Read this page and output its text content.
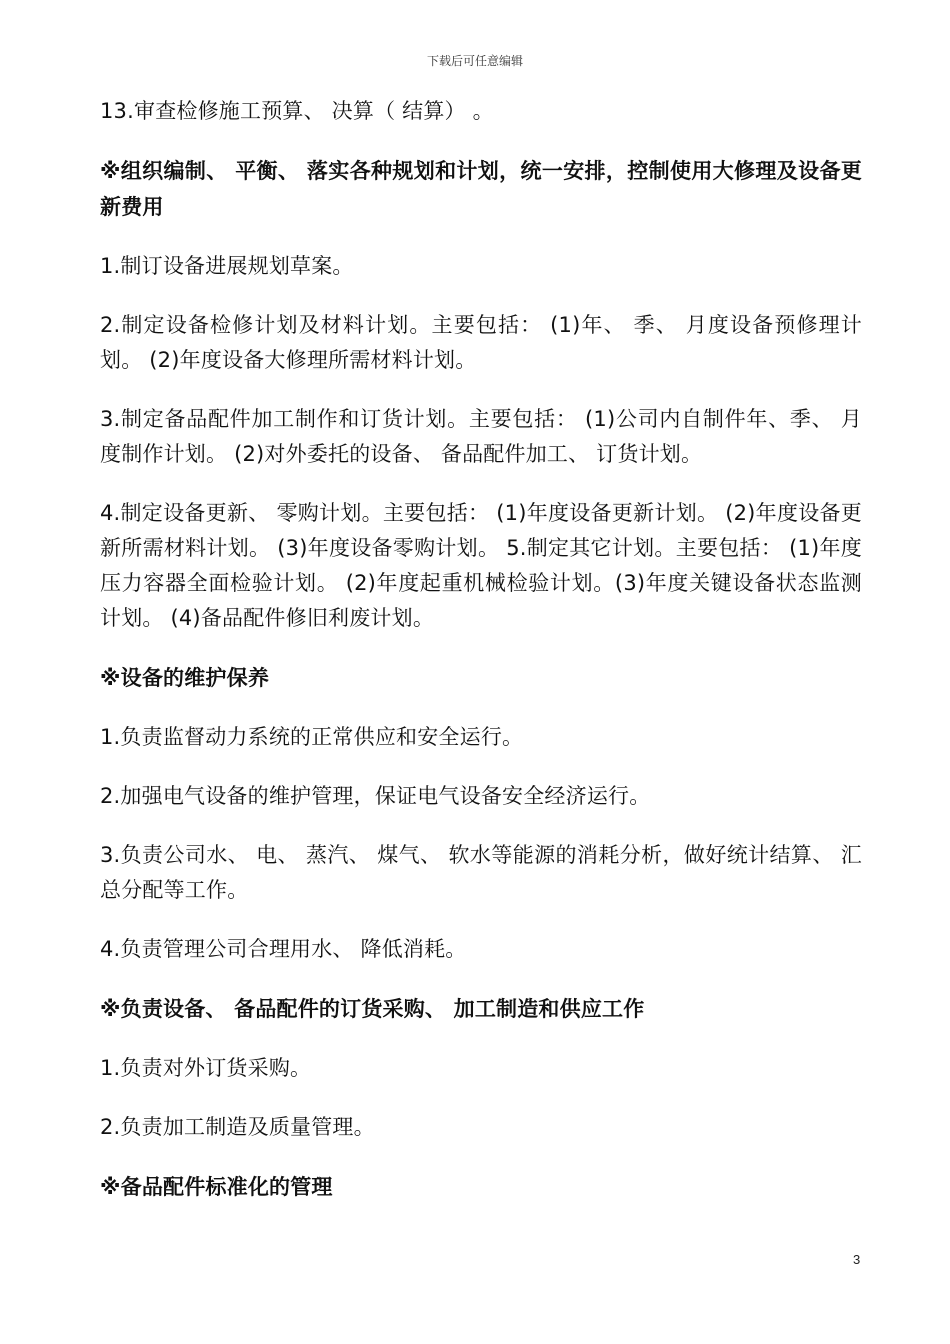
下载后可任意编辑
13.审查检修施工预算、 决算（ 结算） 。
※组织编制、 平衡、 落实各种规划和计划，统一安排，控制使用大修理及设备更新费用
1.制订设备进展规划草案。
2.制定设备检修计划及材料计划。主要包括： (1)年、 季、 月度设备预修理计划。 (2)年度设备大修理所需材料计划。
3.制定备品配件加工制作和订货计划。主要包括： (1)公司内自制件年、季、 月度制作计划。 (2)对外委托的设备、 备品配件加工、 订货计划。
4.制定设备更新、 零购计划。主要包括： (1)年度设备更新计划。 (2)年度设备更新所需材料计划。 (3)年度设备零购计划。 5.制定其它计划。主要包括： (1)年度压力容器全面检验计划。 (2)年度起重机械检验计划。(3)年度关键设备状态监测计划。 (4)备品配件修旧利废计划。
※设备的维护保养
1.负责监督动力系统的正常供应和安全运行。
2.加强电气设备的维护管理，保证电气设备安全经济运行。
3.负责公司水、 电、 蒸汽、 煤气、 软水等能源的消耗分析，做好统计结算、 汇总分配等工作。
4.负责管理公司合理用水、 降低消耗。
※负责设备、 备品配件的订货采购、 加工制造和供应工作
1.负责对外订货采购。
2.负责加工制造及质量管理。
※备品配件标准化的管理
3
